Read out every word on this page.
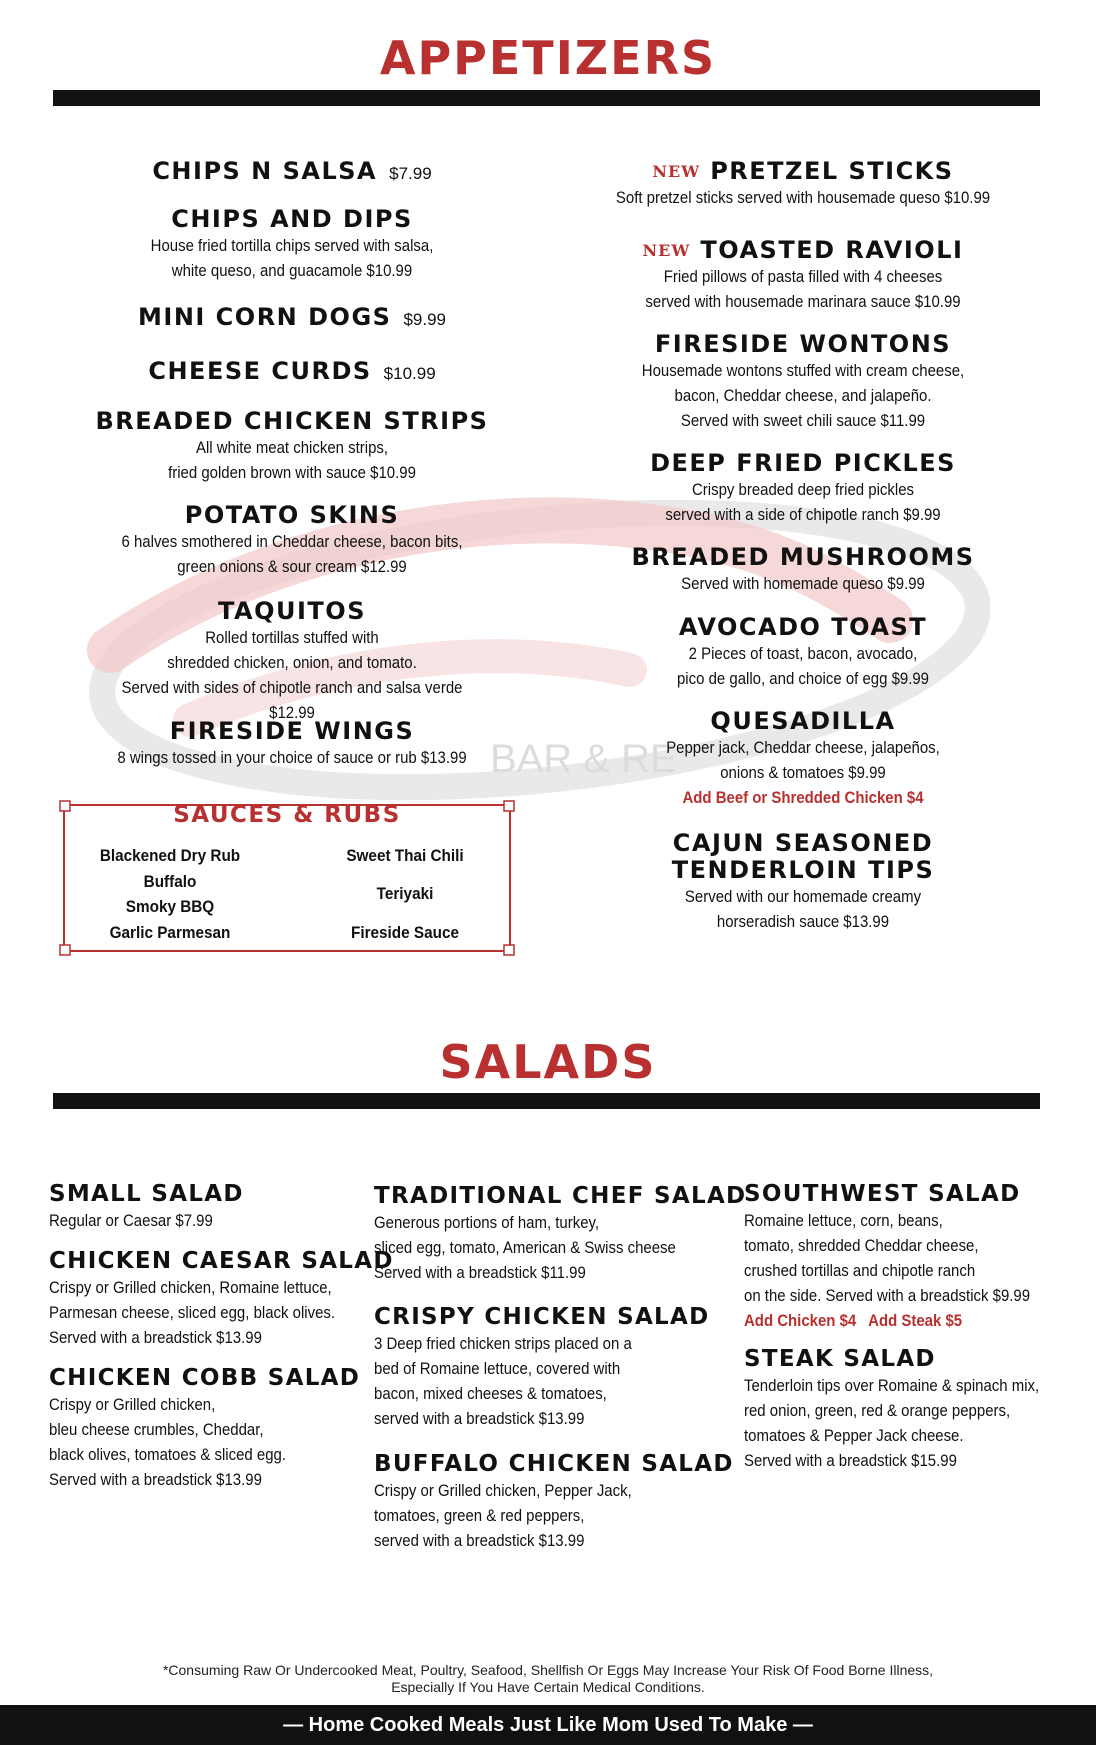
BAR & RE
APPETIZERS
CHIPS N SALSA $7.99
CHIPS AND DIPS
House fried tortilla chips served with salsa,
white queso, and guacamole $10.99
MINI CORN DOGS $9.99
CHEESE CURDS $10.99
BREADED CHICKEN STRIPS
All white meat chicken strips,
fried golden brown with sauce $10.99
POTATO SKINS
6 halves smothered in Cheddar cheese, bacon bits,
green onions & sour cream $12.99
TAQUITOS
Rolled tortillas stuffed with
shredded chicken, onion, and tomato.
Served with sides of chipotle ranch and salsa verde $12.99
FIRESIDE WINGS
8 wings tossed in your choice of sauce or rub $13.99
SAUCES & RUBS
Blackened Dry Rub
Buffalo
Smoky BBQ
Garlic Parmesan
Sweet Thai Chili
Teriyaki
Fireside Sauce
NEW PRETZEL STICKS
Soft pretzel sticks served with housemade queso $10.99
NEW TOASTED RAVIOLI
Fried pillows of pasta filled with 4 cheeses
served with housemade marinara sauce $10.99
FIRESIDE WONTONS
Housemade wontons stuffed with cream cheese,
bacon, Cheddar cheese, and jalapeño.
Served with sweet chili sauce $11.99
DEEP FRIED PICKLES
Crispy breaded deep fried pickles
served with a side of chipotle ranch $9.99
BREADED MUSHROOMS
Served with homemade queso $9.99
AVOCADO TOAST
2 Pieces of toast, bacon, avocado,
pico de gallo, and choice of egg $9.99
QUESADILLA
Pepper jack, Cheddar cheese, jalapeños,
onions & tomatoes $9.99
Add Beef or Shredded Chicken $4
CAJUN SEASONED
TENDERLOIN TIPS
Served with our homemade creamy
horseradish sauce $13.99
SALADS
SMALL SALAD
Regular or Caesar $7.99
CHICKEN CAESAR SALAD
Crispy or Grilled chicken, Romaine lettuce,
Parmesan cheese, sliced egg, black olives.
Served with a breadstick $13.99
CHICKEN COBB SALAD
Crispy or Grilled chicken,
bleu cheese crumbles, Cheddar,
black olives, tomatoes & sliced egg.
Served with a breadstick $13.99
TRADITIONAL CHEF SALAD
Generous portions of ham, turkey,
sliced egg, tomato, American & Swiss cheese
Served with a breadstick $11.99
CRISPY CHICKEN SALAD
3 Deep fried chicken strips placed on a
bed of Romaine lettuce, covered with
bacon, mixed cheeses & tomatoes,
served with a breadstick $13.99
BUFFALO CHICKEN SALAD
Crispy or Grilled chicken, Pepper Jack,
tomatoes, green & red peppers,
served with a breadstick $13.99
SOUTHWEST SALAD
Romaine lettuce, corn, beans,
tomato, shredded Cheddar cheese,
crushed tortillas and chipotle ranch
on the side. Served with a breadstick $9.99
Add Chicken $4   Add Steak $5
STEAK SALAD
Tenderloin tips over Romaine & spinach mix,
red onion, green, red & orange peppers,
tomatoes & Pepper Jack cheese.
Served with a breadstick $15.99
*Consuming Raw Or Undercooked Meat, Poultry, Seafood, Shellfish Or Eggs May Increase Your Risk Of Food Borne Illness,
Especially If You Have Certain Medical Conditions.
— Home Cooked Meals Just Like Mom Used To Make —
